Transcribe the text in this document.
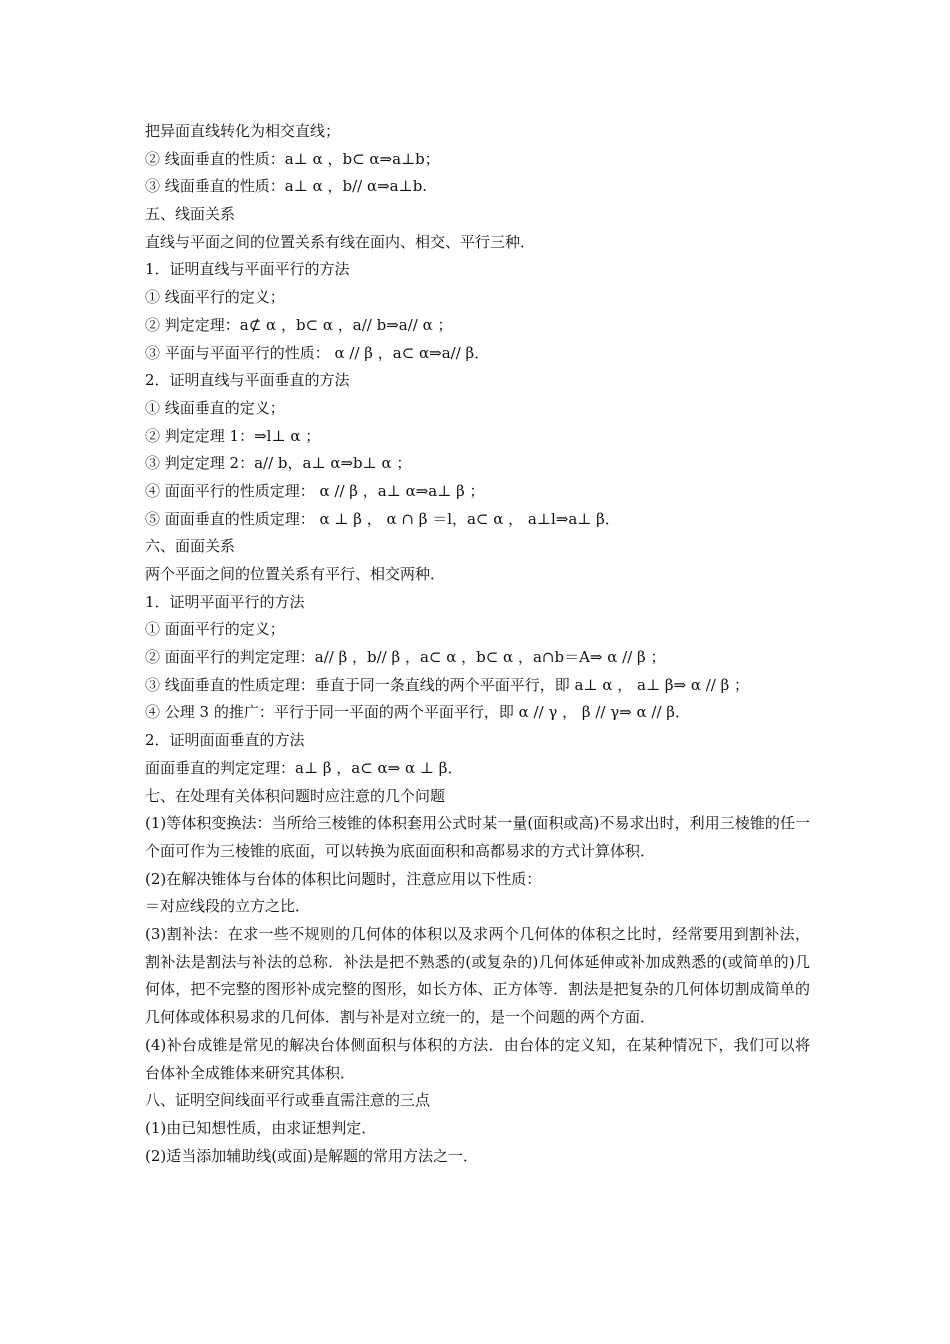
把异面直线转化为相交直线；
② 线面垂直的性质：a⊥ α ，b⊂ α⇒a⊥b；
③ 线面垂直的性质：a⊥ α ，b// α⇒a⊥b.
五、线面关系
直线与平面之间的位置关系有线在面内、相交、平行三种．
1．证明直线与平面平行的方法
① 线面平行的定义；
② 判定定理：a⊄ α ，b⊂ α ，a// b⇒a// α ；
③ 平面与平面平行的性质： α // β ，a⊂ α⇒a// β．
2．证明直线与平面垂直的方法
① 线面垂直的定义；
② 判定定理 1：⇒l⊥ α ；
③ 判定定理 2：a// b，a⊥ α⇒b⊥ α ；
④ 面面平行的性质定理： α // β ，a⊥ α⇒a⊥ β ；
⑤ 面面垂直的性质定理： α ⊥ β ， α ∩ β ＝l，a⊂ α ， a⊥l⇒a⊥ β．
六、面面关系
两个平面之间的位置关系有平行、相交两种．
1．证明平面平行的方法
① 面面平行的定义；
② 面面平行的判定定理：a// β ，b// β ，a⊂ α ，b⊂ α ，a∩b＝A⇒ α // β ；
③ 线面垂直的性质定理：垂直于同一条直线的两个平面平行，即 a⊥ α ， a⊥ β⇒ α // β ；
④ 公理 3 的推广：平行于同一平面的两个平面平行，即 α // γ ， β // γ⇒ α // β．
2．证明面面垂直的方法
面面垂直的判定定理：a⊥ β ，a⊂ α⇒ α ⊥ β．
七、在处理有关体积问题时应注意的几个问题
(1)等体积变换法：当所给三棱锥的体积套用公式时某一量(面积或高)不易求出时，利用三棱锥的任一个面可作为三棱锥的底面，可以转换为底面面积和高都易求的方式计算体积．
(2)在解决锥体与台体的体积比问题时，注意应用以下性质：
＝对应线段的立方之比．
(3)割补法：在求一些不规则的几何体的体积以及求两个几何体的体积之比时，经常要用到割补法，割补法是割法与补法的总称．补法是把不熟悉的(或复杂的)几何体延伸或补加成熟悉的(或简单的)几何体，把不完整的图形补成完整的图形，如长方体、正方体等．割法是把复杂的几何体切割成简单的几何体或体积易求的几何体．割与补是对立统一的，是一个问题的两个方面．
(4)补台成锥是常见的解决台体侧面积与体积的方法．由台体的定义知，在某种情况下，我们可以将台体补全成锥体来研究其体积．
八、证明空间线面平行或垂直需注意的三点
(1)由已知想性质，由求证想判定．
(2)适当添加辅助线(或面)是解题的常用方法之一．
